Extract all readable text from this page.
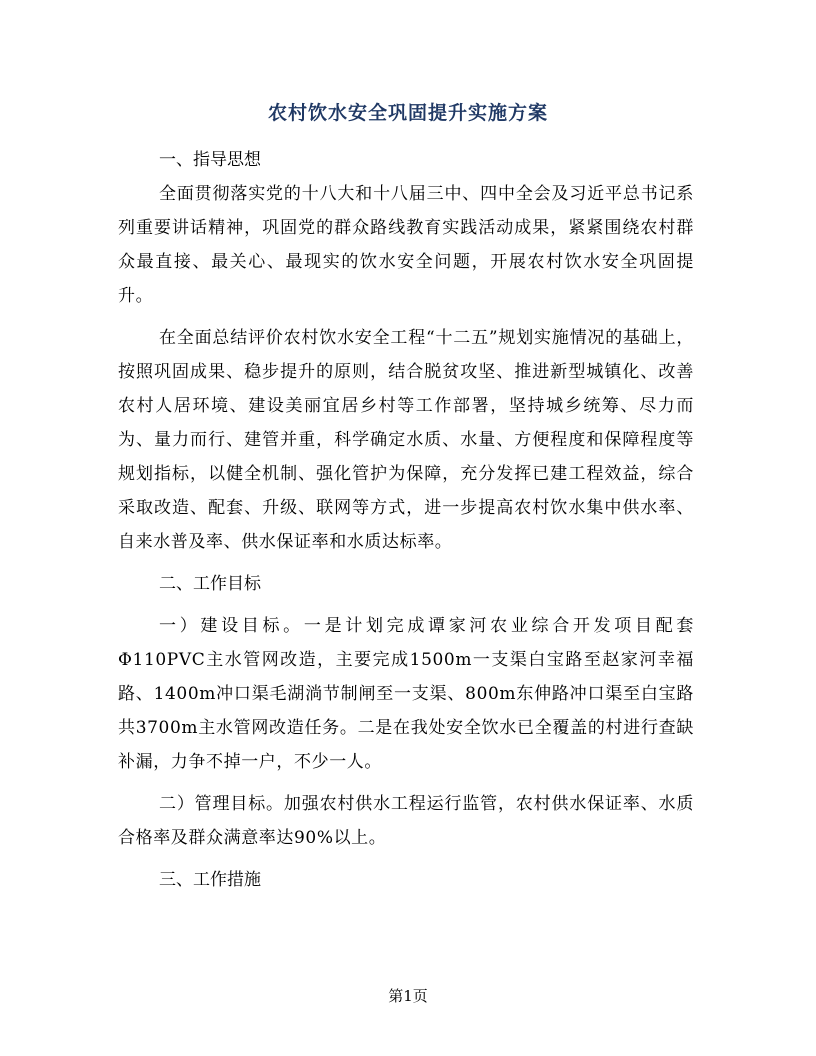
农村饮水安全巩固提升实施方案

一、指导思想

全面贯彻落实党的十八大和十八届三中、四中全会及习近平总书记系列重要讲话精神，巩固党的群众路线教育实践活动成果，紧紧围绕农村群众最直接、最关心、最现实的饮水安全问题，开展农村饮水安全巩固提升。

在全面总结评价农村饮水安全工程“十二五”规划实施情况的基础上，按照巩固成果、稳步提升的原则，结合脱贫攻坚、推进新型城镇化、改善农村人居环境、建设美丽宜居乡村等工作部署，坚持城乡统筹、尽力而为、量力而行、建管并重，科学确定水质、水量、方便程度和保障程度等规划指标，以健全机制、强化管护为保障，充分发挥已建工程效益，综合采取改造、配套、升级、联网等方式，进一步提高农村饮水集中供水率、自来水普及率、供水保证率和水质达标率。

二、工作目标

一）建设目标。一是计划完成谭家河农业综合开发项目配套Φ110PVC主水管网改造，主要完成1500m一支渠白宝路至赵家河幸福路、1400m冲口渠毛湖淌节制闸至一支渠、800m东伸路冲口渠至白宝路共3700m主水管网改造任务。二是在我处安全饮水已全覆盖的村进行查缺补漏，力争不掉一户，不少一人。

二）管理目标。加强农村供水工程运行监管，农村供水保证率、水质合格率及群众满意率达90%以上。

三、工作措施

第1页
